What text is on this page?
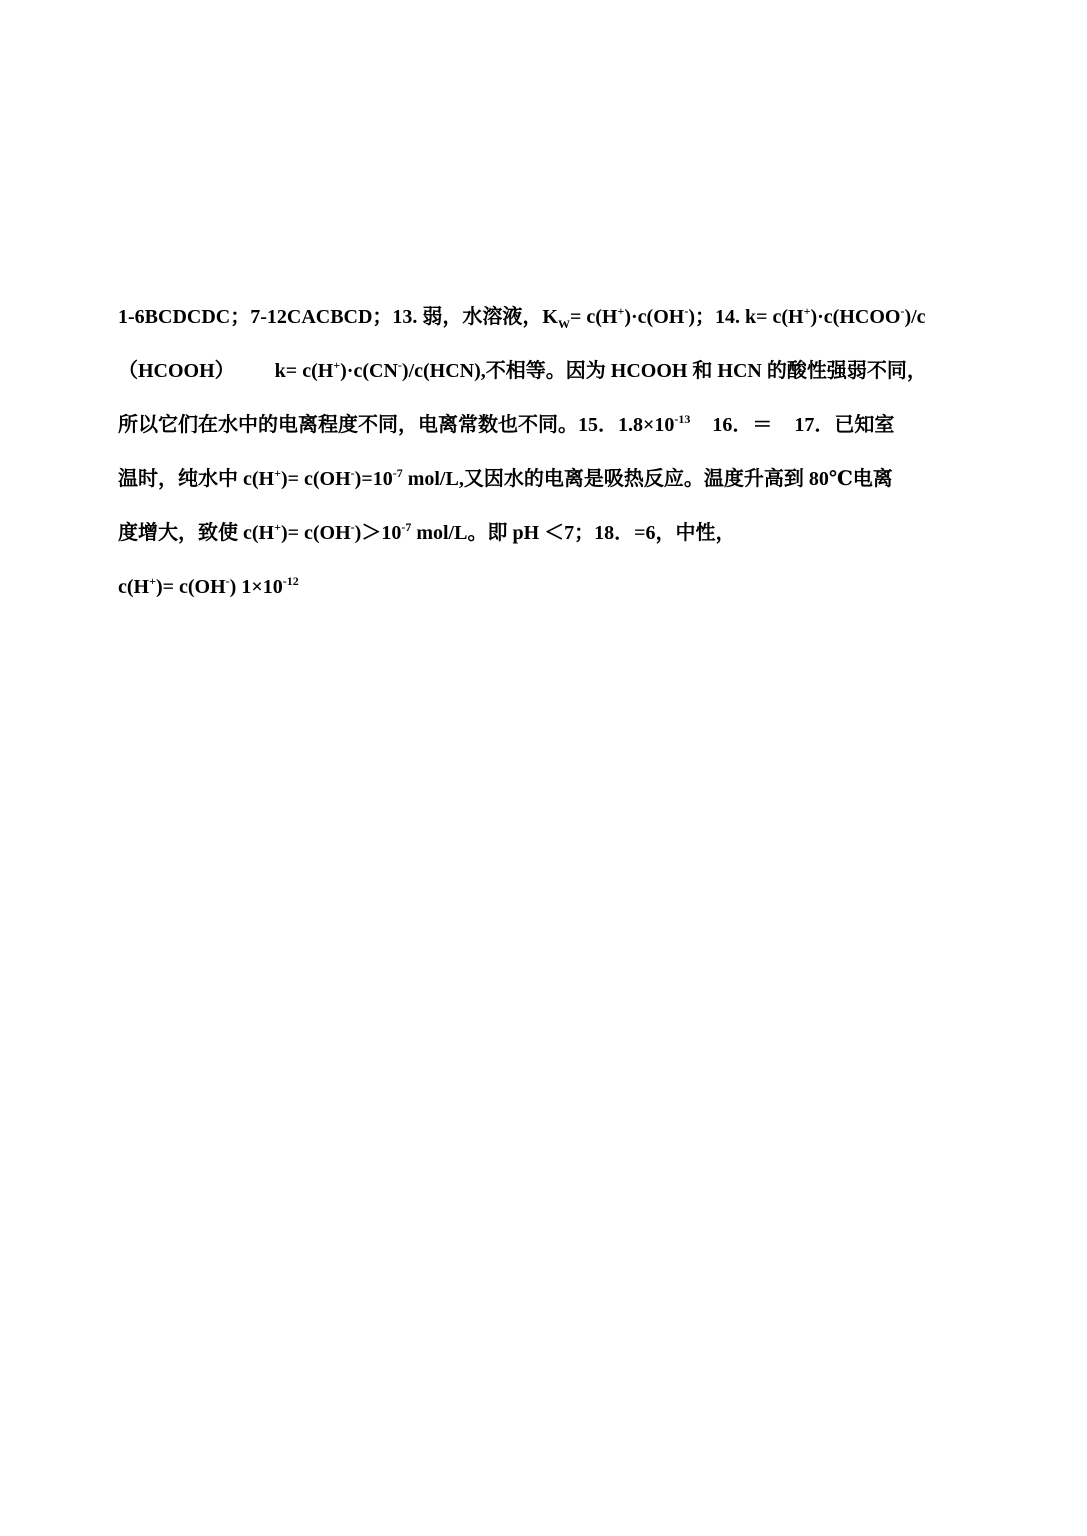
1-6BCDCDC；7-12CACBCD；13. 弱，水溶液，$K_W= c(H^+)\cdot c(OH^-)$；14. k= c(H+)·c(HCOO-)/c
（HCOOH） k= c(H+)·c(CN-)/c(HCN),不相等。因为 HCOOH 和 HCN 的酸性强弱不同，
所以它们在水中的电离程度不同，电离常数也不同。15．$1.8\times 10^{-13}$ 16．＝ 17．已知室
温时，纯水中 $c(H^+)= c(OH^-)=10^{-7}$ mol/L,又因水的电离是吸热反应。温度升高到 80℃电离
度增大，致使 $c(H^+)= c(OH^-)>10^{-7}$ mol/L。即 pH ＜7；18．=6，中性，
c(H+)= c(OH-) $1\times 10^{-12}$
